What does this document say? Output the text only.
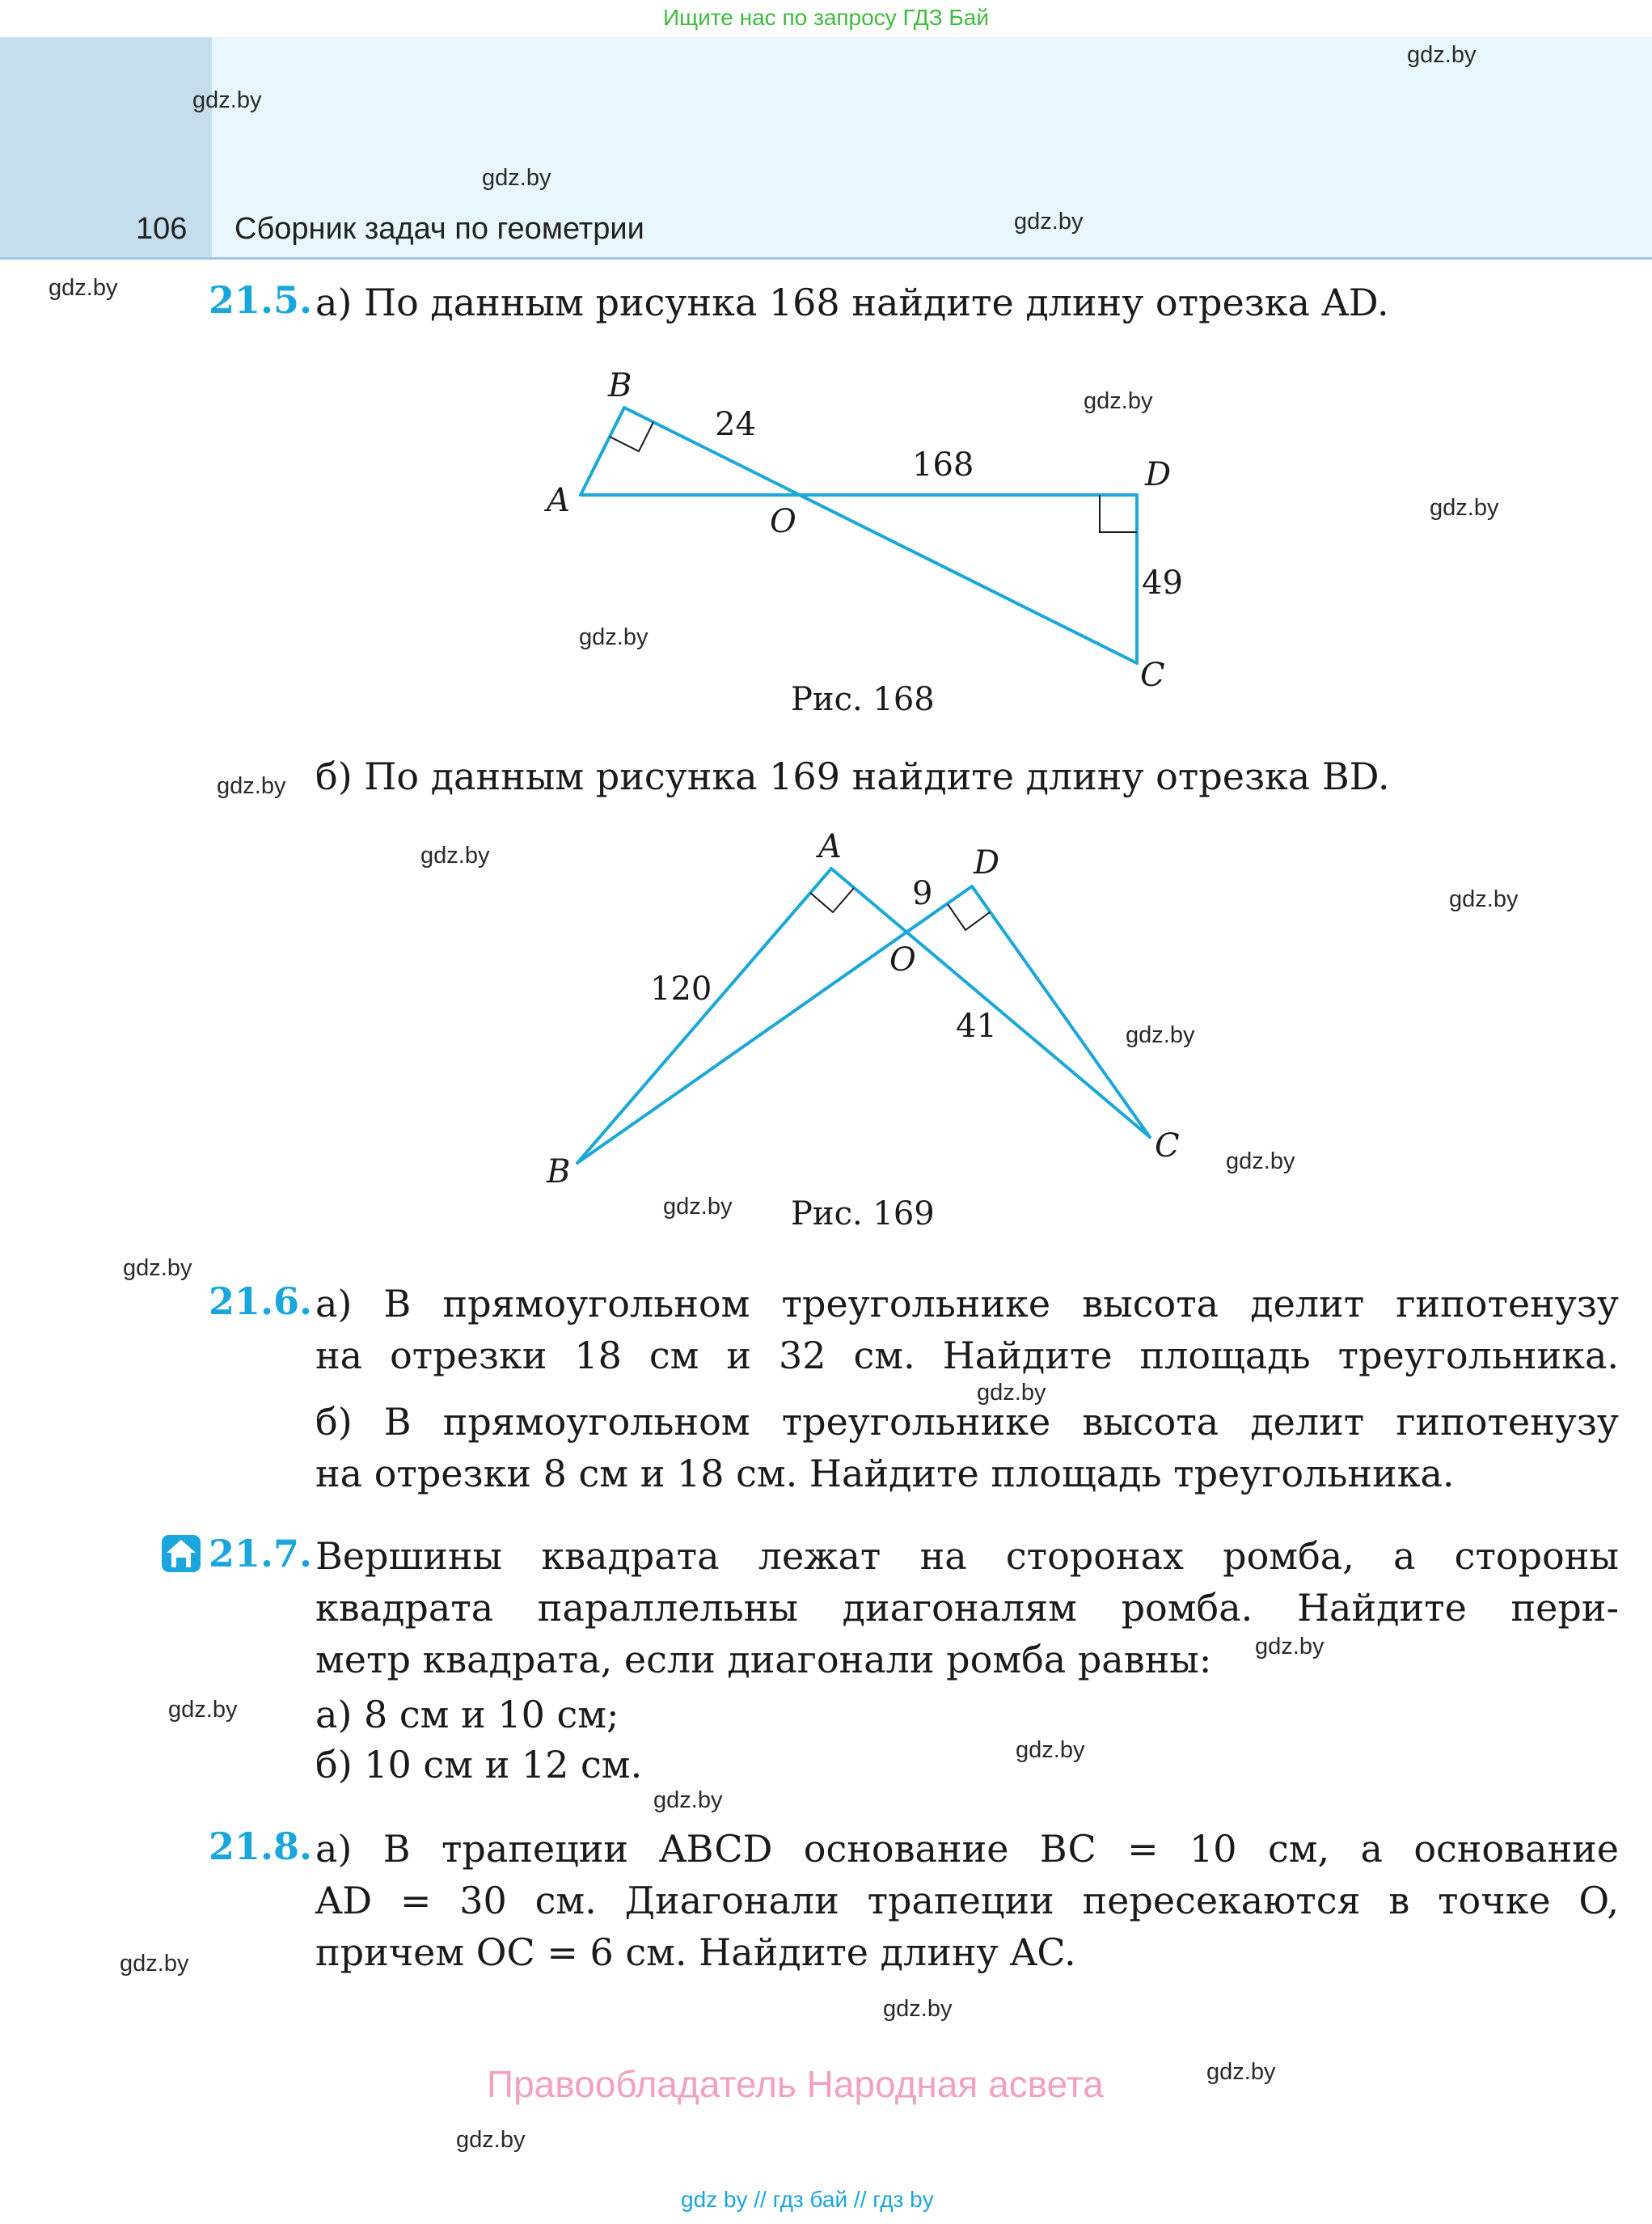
Ищите нас по запросу ГДЗ Бай
106 Сборник задач по геометрии
gdz.by
gdz.by
gdz.by
gdz.by
gdz.by
gdz.by
gdz.by
gdz.by
gdz.by
gdz.by
gdz.by
gdz.by
gdz.by
gdz.by
gdz.by
gdz.by
gdz.by
gdz.by
gdz.by
gdz.by
gdz.by
gdz.by
gdz.by
gdz.by
21.5. а) По данным рисунка 168 найдите длину отрезка AD.
B
A
O
D
C
24
168
49
Рис. 168
б) По данным рисунка 169 найдите длину отрезка BD.
A	D
O
B
C
120
9
41
Рис. 169
21.6. а) В прямоугольном треугольнике высота делит гипотенузу
на отрезки 18 см и 32 см. Найдите площадь треугольника.
б) В прямоугольном треугольнике высота делит гипотенузу
на отрезки 8 см и 18 см. Найдите площадь треугольника.
21.7. Вершины квадрата лежат на сторонах ромба, а стороны
квадрата параллельны диагоналям ромба. Найдите пери-
метр квадрата, если диагонали ромба равны:
а) 8 см и 10 см;
б) 10 см и 12 см.
21.8. а) В трапеции ABCD основание BC = 10 см, а основание
AD = 30 см. Диагонали трапеции пересекаются в точке O,
причем OC = 6 см. Найдите длину AC.
Правообладатель Народная асвета
gdz by // гдз бай // гдз by
